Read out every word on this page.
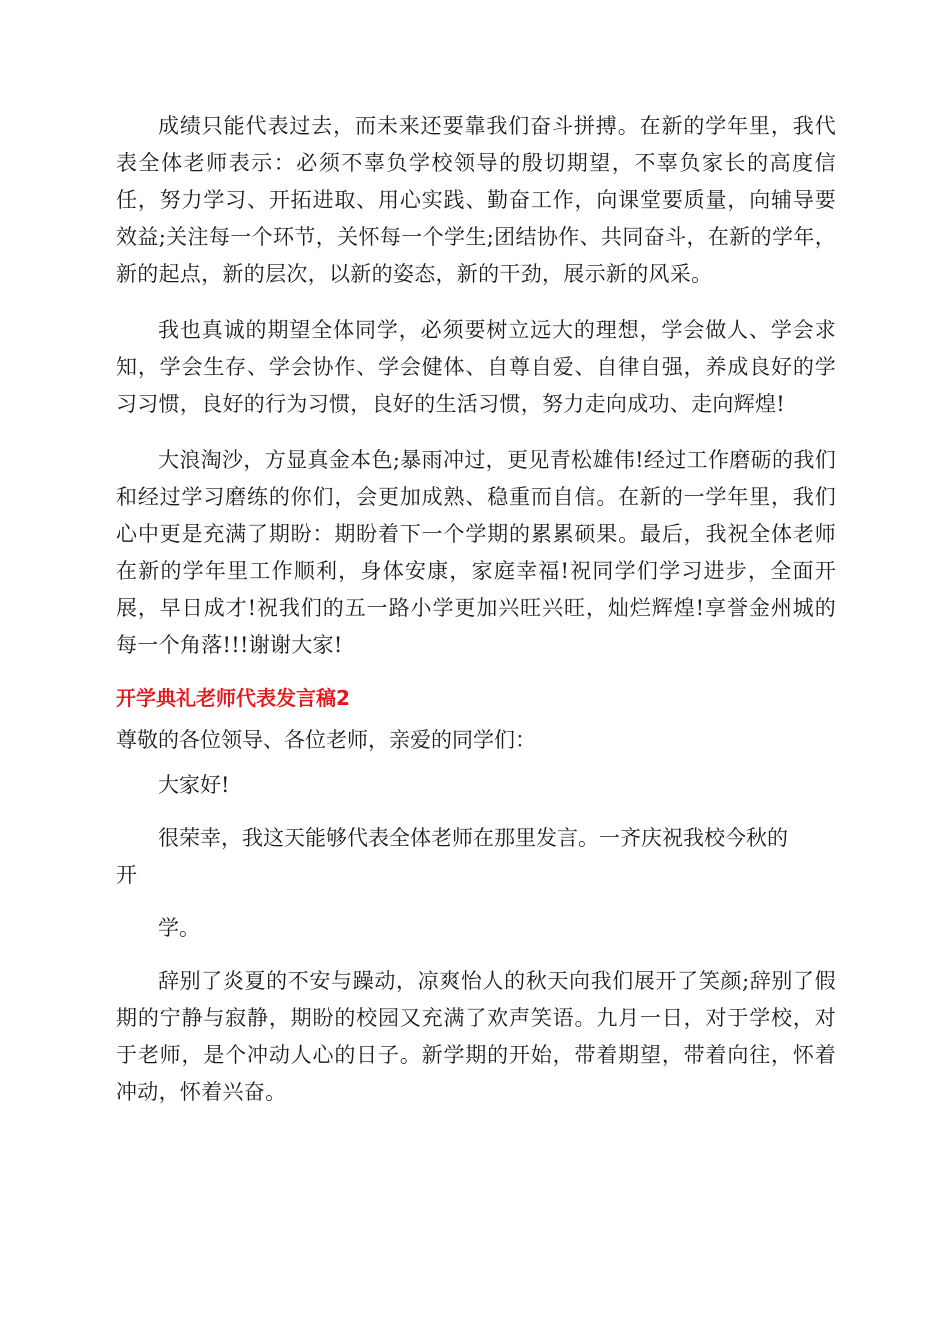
成绩只能代表过去，而未来还要靠我们奋斗拼搏。在新的学年里，我代表全体老师表示：必须不辜负学校领导的殷切期望，不辜负家长的高度信任，努力学习、开拓进取、用心实践、勤奋工作，向课堂要质量，向辅导要效益;关注每一个环节，关怀每一个学生;团结协作、共同奋斗，在新的学年，新的起点，新的层次，以新的姿态，新的干劲，展示新的风采。

我也真诚的期望全体同学，必须要树立远大的理想，学会做人、学会求知，学会生存、学会协作、学会健体、自尊自爱、自律自强，养成良好的学习习惯，良好的行为习惯，良好的生活习惯，努力走向成功、走向辉煌!

大浪淘沙，方显真金本色;暴雨冲过，更见青松雄伟!经过工作磨砺的我们和经过学习磨练的你们，会更加成熟、稳重而自信。在新的一学年里，我们心中更是充满了期盼：期盼着下一个学期的累累硕果。最后，我祝全体老师在新的学年里工作顺利，身体安康，家庭幸福!祝同学们学习进步，全面开展，早日成才!祝我们的五一路小学更加兴旺兴旺，灿烂辉煌!享誉金州城的每一个角落!!!谢谢大家!

开学典礼老师代表发言稿2

尊敬的各位领导、各位老师，亲爱的同学们：

大家好!

很荣幸，我这天能够代表全体老师在那里发言。一齐庆祝我校今秋的

开

学。

辞别了炎夏的不安与躁动，凉爽怡人的秋天向我们展开了笑颜;辞别了假期的宁静与寂静，期盼的校园又充满了欢声笑语。九月一日，对于学校，对于老师，是个冲动人心的日子。新学期的开始，带着期望，带着向往，怀着冲动，怀着兴奋。
